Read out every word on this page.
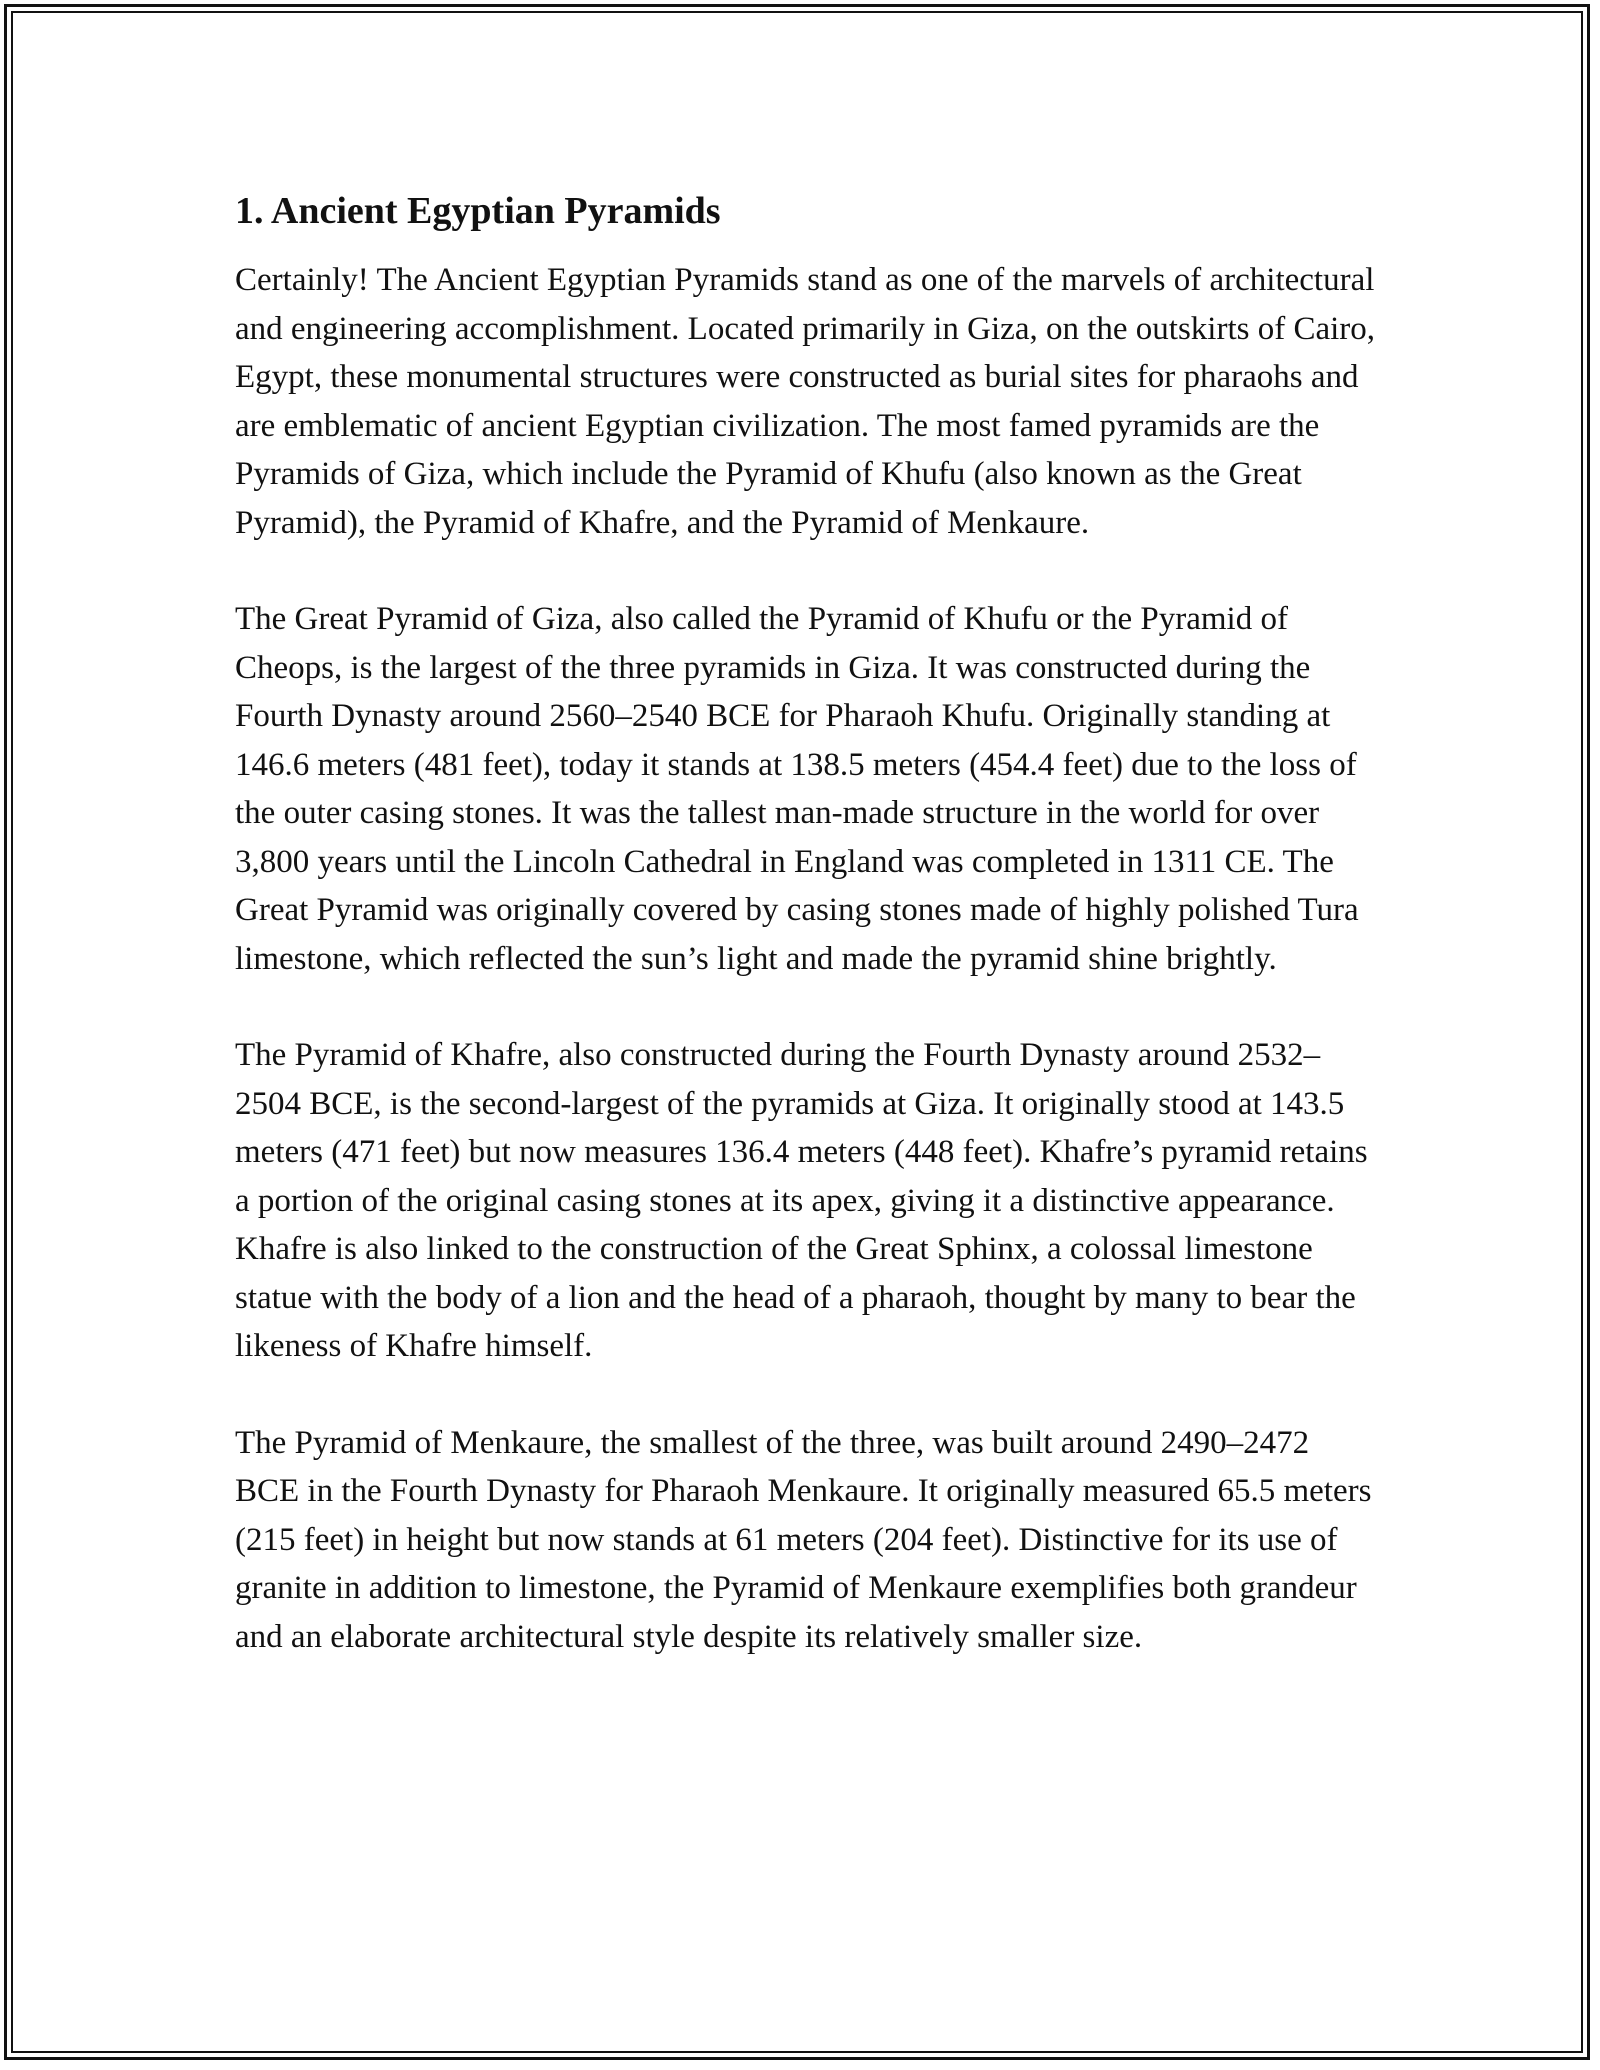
1. Ancient Egyptian Pyramids

Certainly! The Ancient Egyptian Pyramids stand as one of the marvels of architectural and engineering accomplishment. Located primarily in Giza, on the outskirts of Cairo, Egypt, these monumental structures were constructed as burial sites for pharaohs and are emblematic of ancient Egyptian civilization. The most famed pyramids are the Pyramids of Giza, which include the Pyramid of Khufu (also known as the Great Pyramid), the Pyramid of Khafre, and the Pyramid of Menkaure.

The Great Pyramid of Giza, also called the Pyramid of Khufu or the Pyramid of Cheops, is the largest of the three pyramids in Giza. It was constructed during the Fourth Dynasty around 2560–2540 BCE for Pharaoh Khufu. Originally standing at 146.6 meters (481 feet), today it stands at 138.5 meters (454.4 feet) due to the loss of the outer casing stones. It was the tallest man-made structure in the world for over 3,800 years until the Lincoln Cathedral in England was completed in 1311 CE. The Great Pyramid was originally covered by casing stones made of highly polished Tura limestone, which reflected the sun’s light and made the pyramid shine brightly.

The Pyramid of Khafre, also constructed during the Fourth Dynasty around 2532–2504 BCE, is the second-largest of the pyramids at Giza. It originally stood at 143.5 meters (471 feet) but now measures 136.4 meters (448 feet). Khafre’s pyramid retains a portion of the original casing stones at its apex, giving it a distinctive appearance. Khafre is also linked to the construction of the Great Sphinx, a colossal limestone statue with the body of a lion and the head of a pharaoh, thought by many to bear the likeness of Khafre himself.

The Pyramid of Menkaure, the smallest of the three, was built around 2490–2472 BCE in the Fourth Dynasty for Pharaoh Menkaure. It originally measured 65.5 meters (215 feet) in height but now stands at 61 meters (204 feet). Distinctive for its use of granite in addition to limestone, the Pyramid of Menkaure exemplifies both grandeur and an elaborate architectural style despite its relatively smaller size.
